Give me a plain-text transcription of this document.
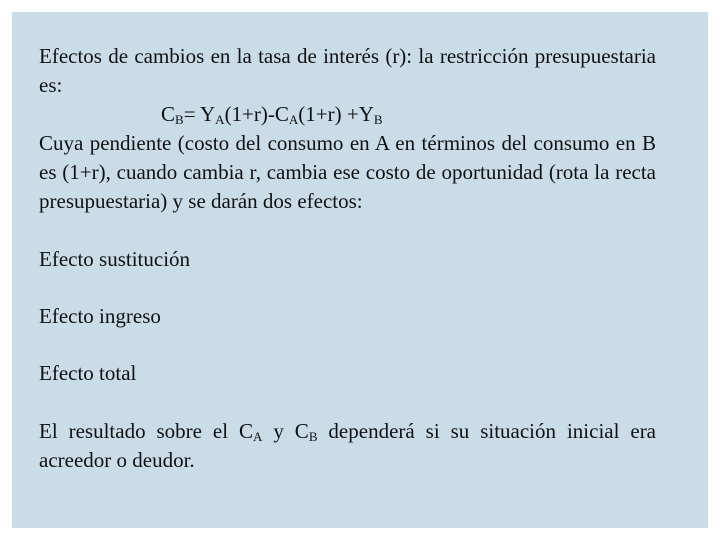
Efectos de cambios en la tasa de interés (r): la restricción presupuestaria es:

$C_B= Y_A(1+r)-C_A(1+r) +Y_B$

Cuya pendiente (costo del consumo en A en términos del consumo en B es (1+r), cuando cambia r, cambia ese costo de oportunidad (rota la recta presupuestaria) y se darán dos efectos:

Efecto sustitución

Efecto ingreso

Efecto total

El resultado sobre el $C_A$ y $C_B$ dependerá si su situación inicial era acreedor o deudor.
